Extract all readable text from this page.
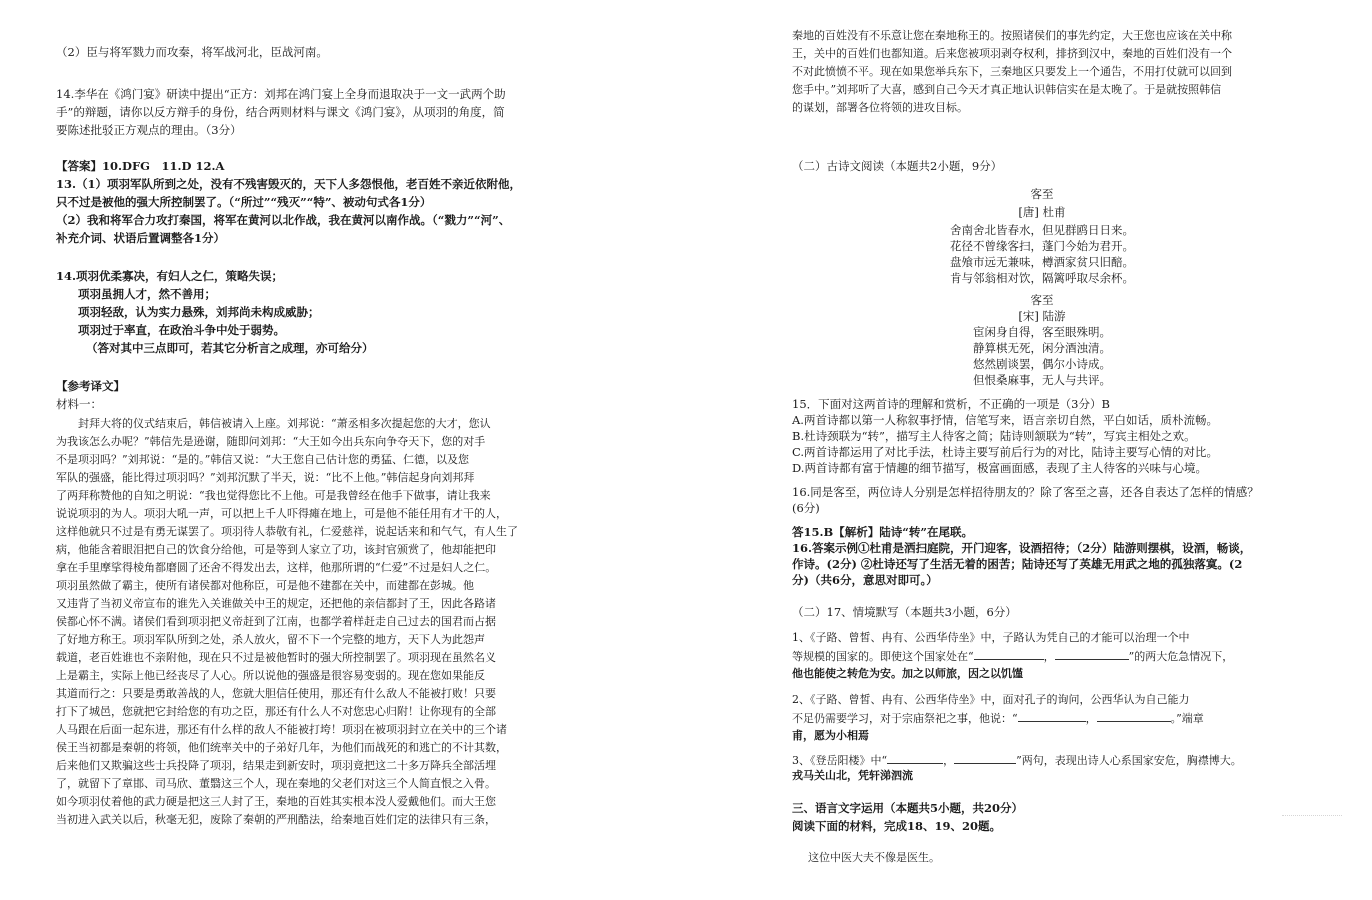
（2）臣与将军戮力而攻秦，将军战河北，臣战河南。
14.李华在《鸿门宴》研读中提出“正方：刘邦在鸿门宴上全身而退取决于一文一武两个助
手”的辩题，请你以反方辩手的身份，结合两则材料与课文《鸿门宴》，从项羽的角度，简
要陈述批驳正方观点的理由。（3分）
【答案】10.DFG　11.D 12.A
13.（1）项羽军队所到之处，没有不残害毁灭的，天下人多怨恨他，老百姓不亲近依附他，
只不过是被他的强大所控制罢了。（“所过”“残灭”“特”、被动句式各1分）
（2）我和将军合力攻打秦国，将军在黄河以北作战，我在黄河以南作战。（“戮力”“河”、
补充介词、状语后置调整各1分）
14.项羽优柔寡决，有妇人之仁，策略失误；
项羽虽拥人才，然不善用；
项羽轻敌，认为实力悬殊，刘邦尚未构成威胁；
项羽过于率直，在政治斗争中处于弱势。
（答对其中三点即可，若其它分析言之成理，亦可给分）
【参考译文】
材料一：
　　封拜大将的仪式结束后，韩信被请入上座。刘邦说：“萧丞相多次提起您的大才，您认
为我该怎么办呢？”韩信先是逊谢，随即问刘邦：“大王如今出兵东向争夺天下，您的对手
不是项羽吗？”刘邦说：“是的。”韩信又说：“大王您自己估计您的勇猛、仁德，以及您
军队的强盛，能比得过项羽吗？”刘邦沉默了半天，说：“比不上他。”韩信起身向刘邦拜
了两拜称赞他的自知之明说：“我也觉得您比不上他。可是我曾经在他手下做事，请让我来
说说项羽的为人。项羽大吼一声，可以把上千人吓得瘫在地上，可是他不能任用有才干的人，
这样他就只不过是有勇无谋罢了。项羽待人恭敬有礼，仁爱慈祥，说起话来和和气气，有人生了
病，他能含着眼泪把自己的饮食分给他，可是等到人家立了功，该封官颁赏了，他却能把印
拿在手里摩挲得棱角都磨圆了还舍不得发出去，这样，他那所谓的“仁爱”不过是妇人之仁。
项羽虽然做了霸主，使所有诸侯都对他称臣，可是他不建都在关中，而建都在彭城。他
又违背了当初义帝宣布的谁先入关谁做关中王的规定，还把他的亲信都封了王，因此各路诸
侯都心怀不满。诸侯们看到项羽把义帝赶到了江南，也都学着样赶走自己过去的国君而占据
了好地方称王。项羽军队所到之处，杀人放火，留不下一个完整的地方，天下人为此怨声
载道，老百姓谁也不亲附他，现在只不过是被他暂时的强大所控制罢了。项羽现在虽然名义
上是霸主，实际上他已经丧尽了人心。所以说他的强盛是很容易变弱的。现在您如果能反
其道而行之：只要是勇敢善战的人，您就大胆信任使用，那还有什么敌人不能被打败！只要
打下了城邑，您就把它封给您的有功之臣，那还有什么人不对您忠心归附！让你现有的全部
人马跟在后面一起东进，那还有什么样的敌人不能被打垮！项羽在被项羽封立在关中的三个诸
侯王当初都是秦朝的将领，他们统率关中的子弟好几年，为他们而战死的和逃亡的不计其数，
后来他们又欺骗这些士兵投降了项羽，结果走到新安时，项羽竟把这二十多万降兵全部活埋
了，就留下了章邯、司马欣、董翳这三个人，现在秦地的父老们对这三个人简直恨之入骨。
如今项羽仗着他的武力硬是把这三人封了王，秦地的百姓其实根本没人爱戴他们。而大王您
当初进入武关以后，秋毫无犯，废除了秦朝的严刑酷法，给秦地百姓们定的法律只有三条，
秦地的百姓没有不乐意让您在秦地称王的。按照诸侯们的事先约定，大王您也应该在关中称
王，关中的百姓们也都知道。后来您被项羽剥夺权利，排挤到汉中，秦地的百姓们没有一个
不对此愤愤不平。现在如果您举兵东下，三秦地区只要发上一个通告，不用打仗就可以回到
您手中。”刘邦听了大喜，感到自己今天才真正地认识韩信实在是太晚了。于是就按照韩信
的谋划，部署各位将领的进攻目标。
（二）古诗文阅读（本题共2小题，9分）
客至
[唐] 杜甫
舍南舍北皆春水，但见群鸥日日来。
花径不曾缘客扫，蓬门今始为君开。
盘飧市远无兼味，樽酒家贫只旧醅。
肯与邻翁相对饮，隔篱呼取尽余杯。
客至
[宋] 陆游
宦闲身自得，客至眼殊明。
静算棋无死，闲分酒浊清。
悠然剧谈罢，偶尔小诗成。
但恨桑麻事，无人与共评。
15．下面对这两首诗的理解和赏析，不正确的一项是（3分）B
A.两首诗都以第一人称叙事抒情，信笔写来，语言亲切自然，平白如话，质朴流畅。
B.杜诗颈联为“转”，描写主人待客之简；陆诗则颔联为“转”，写宾主相处之欢。
C.两首诗都运用了对比手法，杜诗主要写前后行为的对比，陆诗主要写心情的对比。
D.两首诗都有富于情趣的细节描写，极富画面感，表现了主人待客的兴味与心境。
16.同是客至，两位诗人分别是怎样招待朋友的？除了客至之喜，还各自表达了怎样的情感？
(6分)
答15.B【解析】陆诗“转”在尾联。
16.答案示例①杜甫是洒扫庭院，开门迎客，设酒招待；（2分）陆游则摆棋，设酒，畅谈，
作诗。(2分) ②杜诗还写了生活无着的困苦；陆诗还写了英雄无用武之地的孤独落寞。(2
分)（共6分，意思对即可。）
（二）17、情境默写（本题共3小题，6分）
1、《子路、曾皙、冉有、公西华侍坐》中，子路认为凭自己的才能可以治理一个中
等规模的国家的。即使这个国家处在“	，	”的两大危急情况下，
他也能使之转危为安。加之以师旅，因之以饥馑
2、《子路、曾皙、冉有、公西华侍坐》中，面对孔子的询问，公西华认为自己能力
不足仍需要学习，对于宗庙祭祀之事，他说：“	，	。”端章
甫，愿为小相焉
3、《登岳阳楼》中“	，	”两句，表现出诗人心系国家安危，胸襟博大。
戎马关山北，凭轩涕泗流
三、语言文字运用（本题共5小题，共20分）
阅读下面的材料，完成18、19、20题。
这位中医大夫不像是医生。
